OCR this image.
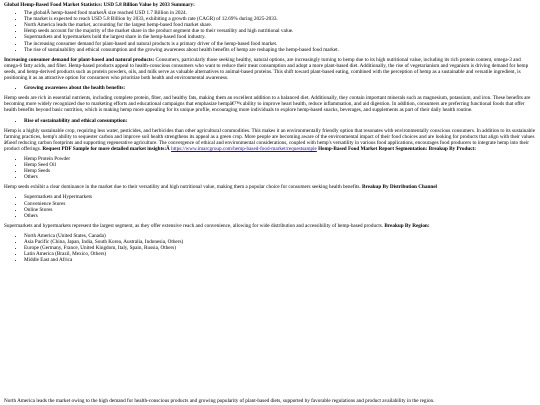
Global Hemp-Based Food Market Statistics: USD 5.8 Billion Value by 2033 Summary:

• The globalÂ hemp-based food marketÂ size reached USD 1.7 Billion in 2024.
• The market is expected to reach USD 5.8 Billion by 2033, exhibiting a growth rate (CAGR) of 12.69% during 2025-2033.
• North America leads the market, accounting for the largest hemp-based food market share.
• Hemp seeds account for the majority of the market share in the product segment due to their versatility and high nutritional value.
• Supermarkets and hypermarkets hold the largest share in the hemp-based food industry.
• The increasing consumer demand for plant-based and natural products is a primary driver of the hemp-based food market.
• The rise of sustainability and ethical consumption and the growing awareness about health benefits of hemp are reshaping the hemp-based food market.

Increasing consumer demand for plant-based and natural products: Consumers, particularly those seeking healthy, natural options, are increasingly turning to hemp due to its high nutritional value, including its rich protein content, omega-3 and omega-6 fatty acids, and fiber. Hemp-based products appeal to health-conscious consumers who want to reduce their meat consumption and adopt a more plant-based diet. Additionally, the rise of vegetarianism and veganism is driving demand for hemp seeds, and hemp-derived products such as protein powders, oils, and milk serve as valuable alternatives to animal-based proteins. This shift toward plant-based eating, combined with the perception of hemp as a sustainable and versatile ingredient, is positioning it as an attractive option for consumers who prioritize both health and environmental awareness.

• Growing awareness about the health benefits:

Hemp seeds are rich in essential nutrients, including complete protein, fiber, and healthy fats, making them an excellent addition to a balanced diet. Additionally, they contain important minerals such as magnesium, potassium, and iron. These benefits are becoming more widely recognized due to marketing efforts and educational campaigns that emphasize hempâ€™s ability to improve heart health, reduce inflammation, and aid digestion. In addition, consumers are preferring functional foods that offer health benefits beyond basic nutrition, which is making hemp more appealing for its unique profile, encouraging more individuals to explore hemp-based snacks, beverages, and supplements as part of their daily health routine.

• Rise of sustainability and ethical consumption:

Hemp is a highly sustainable crop, requiring less water, pesticides, and herbicides than other agricultural commodities. This makes it an environmentally friendly option that resonates with environmentally conscious consumers. In addition to its sustainable farming practices, hemp's ability to sequester carbon and improve soil health strengthens its appeal as a green crop. More people are becoming aware of the environmental impact of their food choices and are looking for products that align with their values â€œof reducing carbon footprints and supporting regenerative agriculture. The convergence of ethical and environmental considerations, coupled with hemp's versatility in various food applications, encourages food producers to integrate hemp into their product offerings. Request PDF Sample for more detailed market insights:Â https://www.imarcgroup.com/hemp-based-food-market/requestsample Hemp-Based Food Market Report Segmentation: Breakup By Product:

• Hemp Protein Powder
• Hemp Seed Oil
• Hemp Seeds
• Others

Hemp seeds exhibit a clear dominance in the market due to their versatility and high nutritional value, making them a popular choice for consumers seeking health benefits. Breakup By Distribution Channel

• Supermarkets and Hypermarkets
• Convenience Stores
• Online Stores
• Others

Supermarkets and hypermarkets represent the largest segment, as they offer extensive reach and convenience, allowing for wide distribution and accessibility of hemp-based products. Breakup By Region:

• North America (United States, Canada)
• Asia Pacific (China, Japan, India, South Korea, Australia, Indonesia, Others)
• Europe (Germany, France, United Kingdom, Italy, Spain, Russia, Others)
• Latin America (Brazil, Mexico, Others)
• Middle East and Africa
North America leads the market owing to the high demand for health-conscious products and growing popularity of plant-based diets, supported by favorable regulations and product availability in the region.
